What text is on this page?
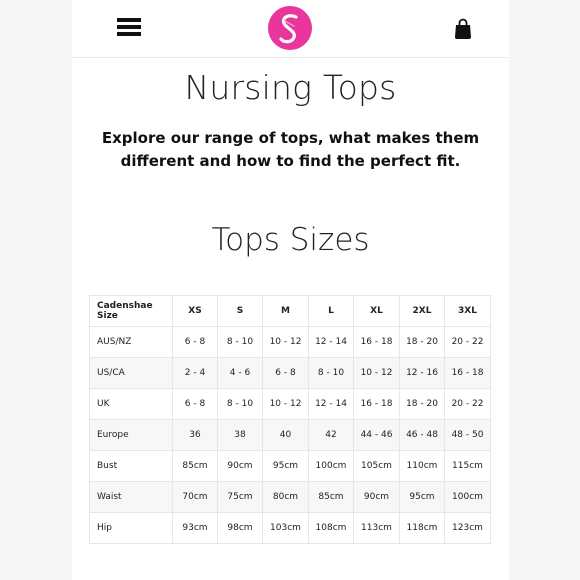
Nursing Tops
Explore our range of tops, what makes them different and how to find the perfect fit.
Tops Sizes
Cadenshae Size	XS	S	M	L	XL	2XL	3XL
AUS/NZ	6 - 8	8 - 10	10 - 12	12 - 14	16 - 18	18 - 20	20 - 22
US/CA	2 - 4	4 - 6	6 - 8	8 - 10	10 - 12	12 - 16	16 - 18
UK	6 - 8	8 - 10	10 - 12	12 - 14	16 - 18	18 - 20	20 - 22
Europe	36	38	40	42	44 - 46	46 - 48	48 - 50
Bust	85cm	90cm	95cm	100cm	105cm	110cm	115cm
Waist	70cm	75cm	80cm	85cm	90cm	95cm	100cm
Hip	93cm	98cm	103cm	108cm	113cm	118cm	123cm
